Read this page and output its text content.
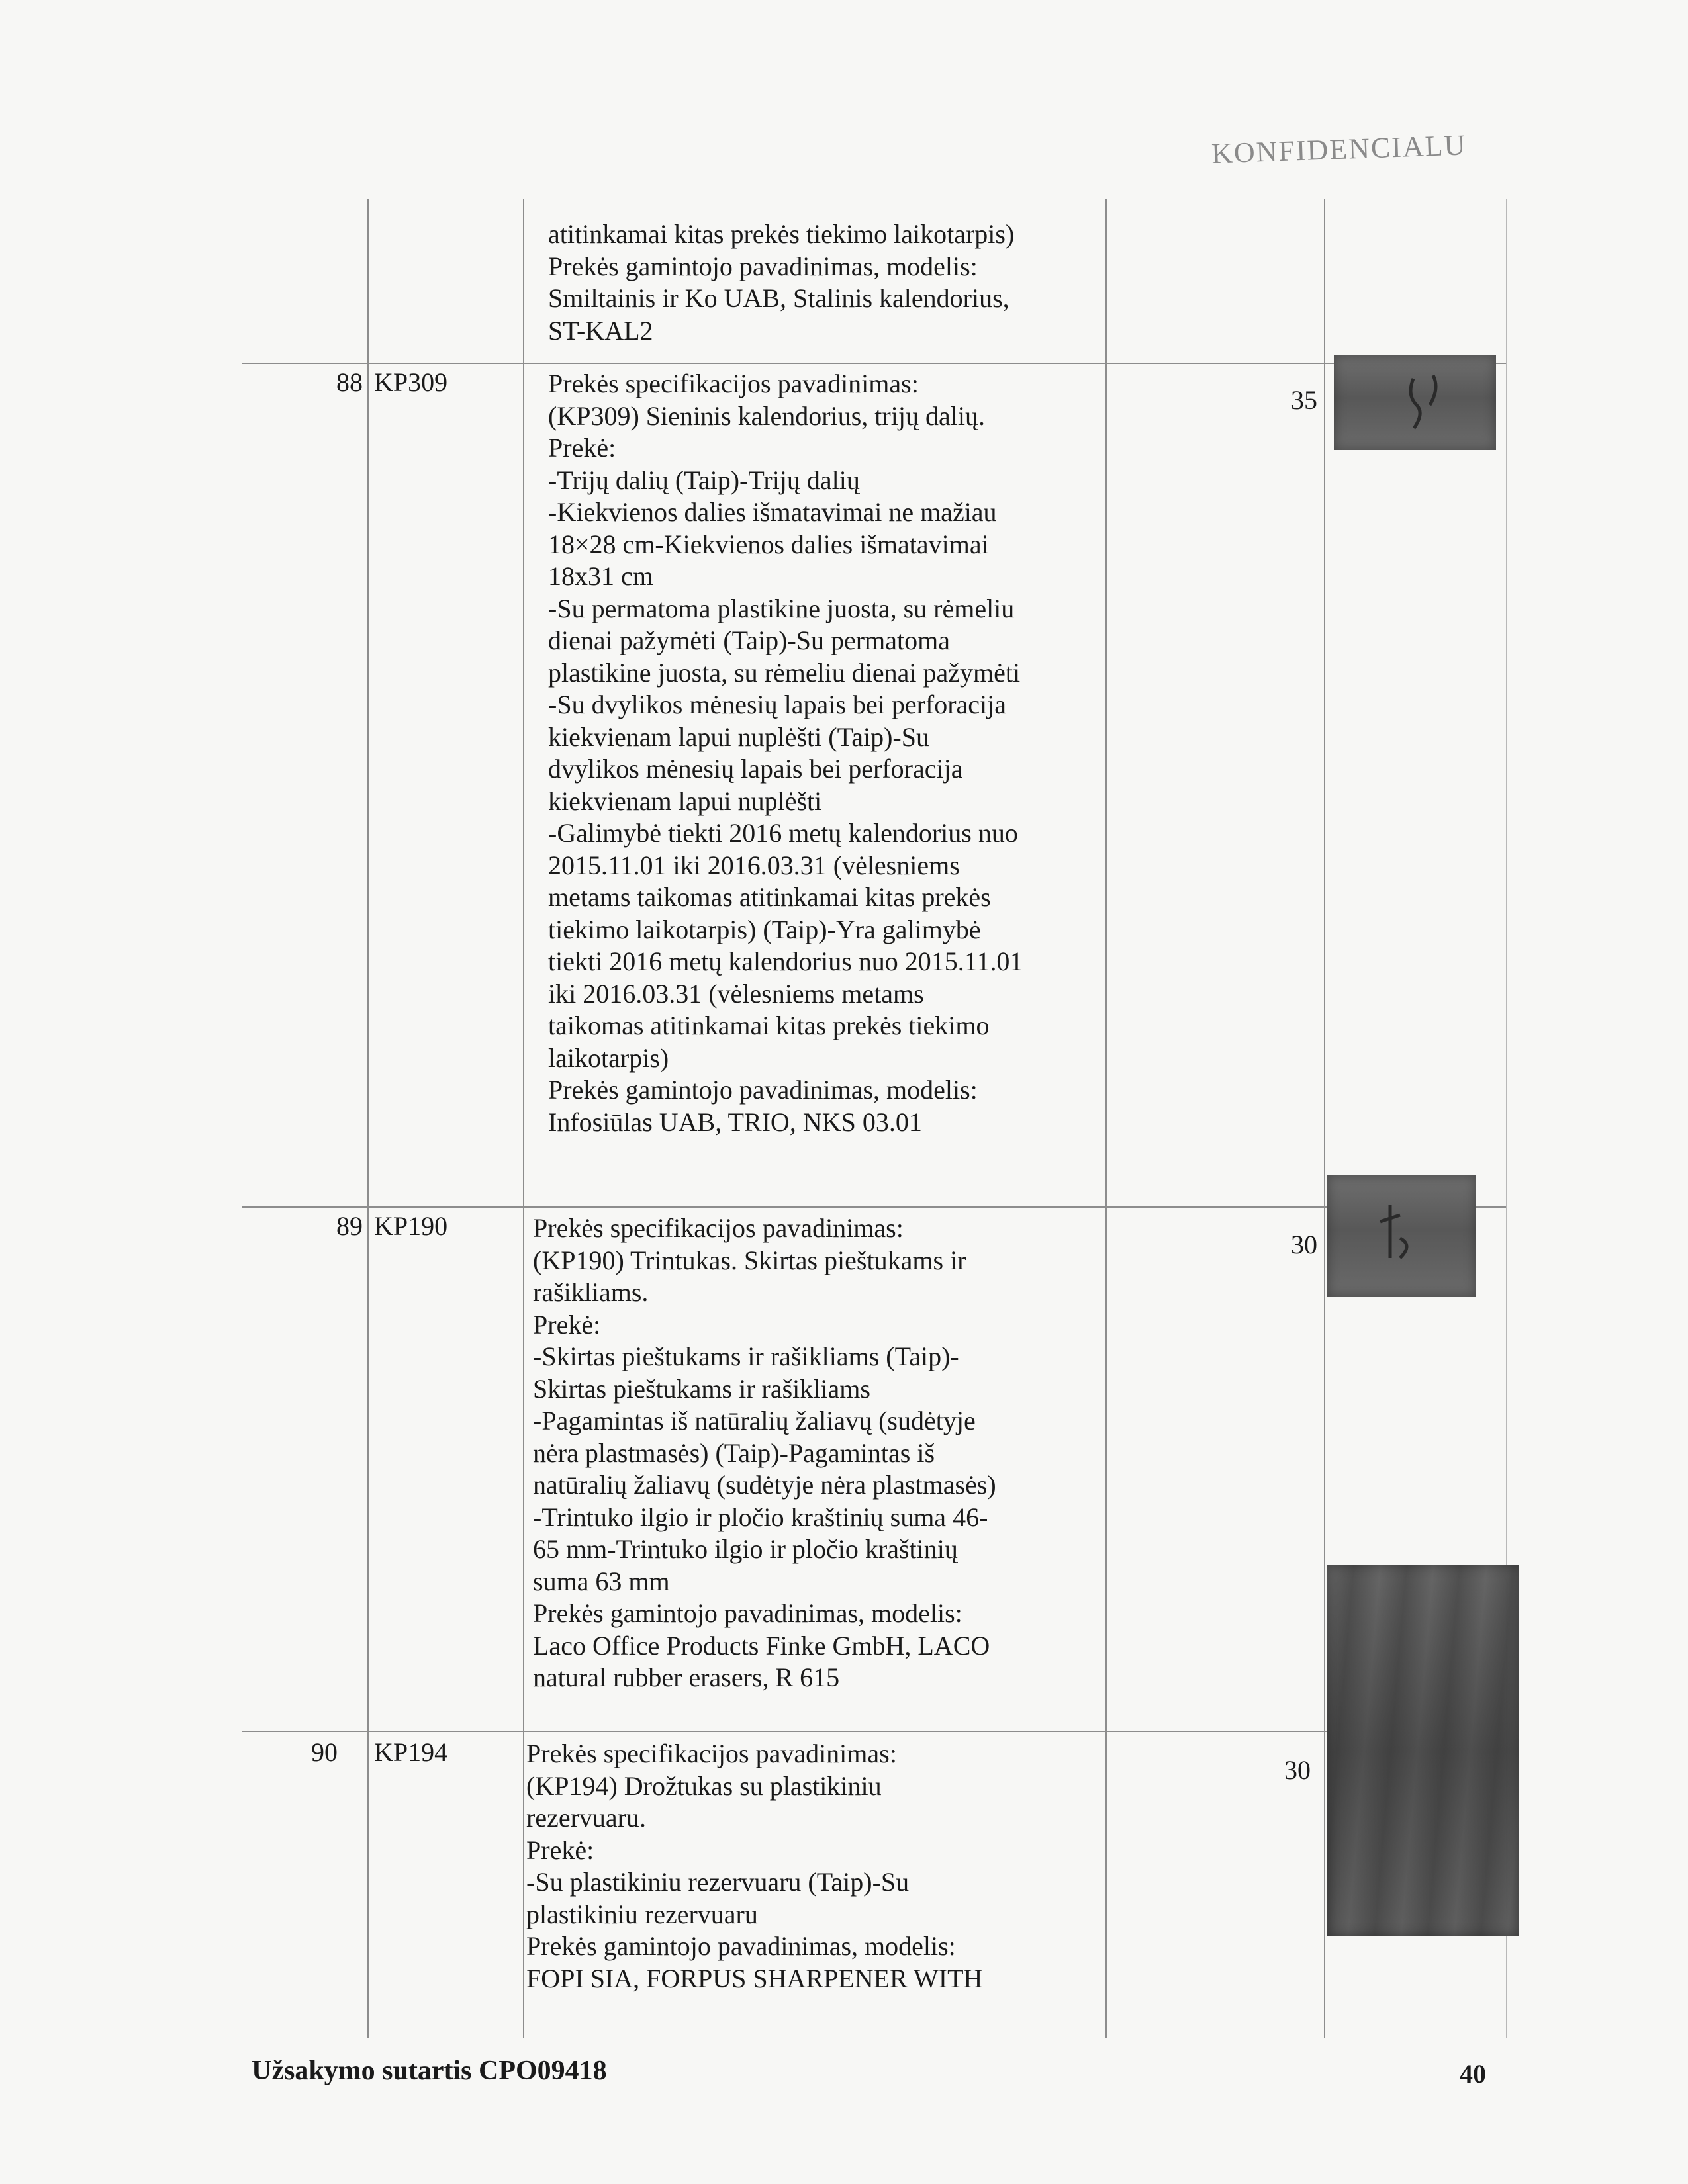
KONFIDENCIALU
atitinkamai kitas prekės tiekimo laikotarpis)
Prekės gamintojo pavadinimas, modelis:
Smiltainis ir Ko UAB, Stalinis kalendorius,
ST-KAL2
88 KP309
35
Prekės specifikacijos pavadinimas:
(KP309) Sieninis kalendorius, trijų dalių.
Prekė:
-Trijų dalių (Taip)-Trijų dalių
-Kiekvienos dalies išmatavimai ne mažiau
18×28 cm-Kiekvienos dalies išmatavimai
18x31 cm
-Su permatoma plastikine juosta, su rėmeliu
dienai pažymėti (Taip)-Su permatoma
plastikine juosta, su rėmeliu dienai pažymėti
-Su dvylikos mėnesių lapais bei perforacija
kiekvienam lapui nuplėšti (Taip)-Su
dvylikos mėnesių lapais bei perforacija
kiekvienam lapui nuplėšti
-Galimybė tiekti 2016 metų kalendorius nuo
2015.11.01 iki 2016.03.31 (vėlesniems
metams taikomas atitinkamai kitas prekės
tiekimo laikotarpis) (Taip)-Yra galimybė
tiekti 2016 metų kalendorius nuo 2015.11.01
iki 2016.03.31 (vėlesniems metams
taikomas atitinkamai kitas prekės tiekimo
laikotarpis)
Prekės gamintojo pavadinimas, modelis:
Infosiūlas UAB, TRIO, NKS 03.01
89 KP190
30
Prekės specifikacijos pavadinimas:
(KP190) Trintukas. Skirtas pieštukams ir
rašikliams.
Prekė:
-Skirtas pieštukams ir rašikliams (Taip)-
Skirtas pieštukams ir rašikliams
-Pagamintas iš natūralių žaliavų (sudėtyje
nėra plastmasės) (Taip)-Pagamintas iš
natūralių žaliavų (sudėtyje nėra plastmasės)
-Trintuko ilgio ir pločio kraštinių suma 46-
65 mm-Trintuko ilgio ir pločio kraštinių
suma 63 mm
Prekės gamintojo pavadinimas, modelis:
Laco Office Products Finke GmbH, LACO
natural rubber erasers, R 615
90 KP194
30
Prekės specifikacijos pavadinimas:
(KP194) Drožtukas su plastikiniu
rezervuaru.
Prekė:
-Su plastikiniu rezervuaru (Taip)-Su
plastikiniu rezervuaru
Prekės gamintojo pavadinimas, modelis:
FOPI SIA, FORPUS SHARPENER WITH
Užsakymo sutartis CPO09418	40
